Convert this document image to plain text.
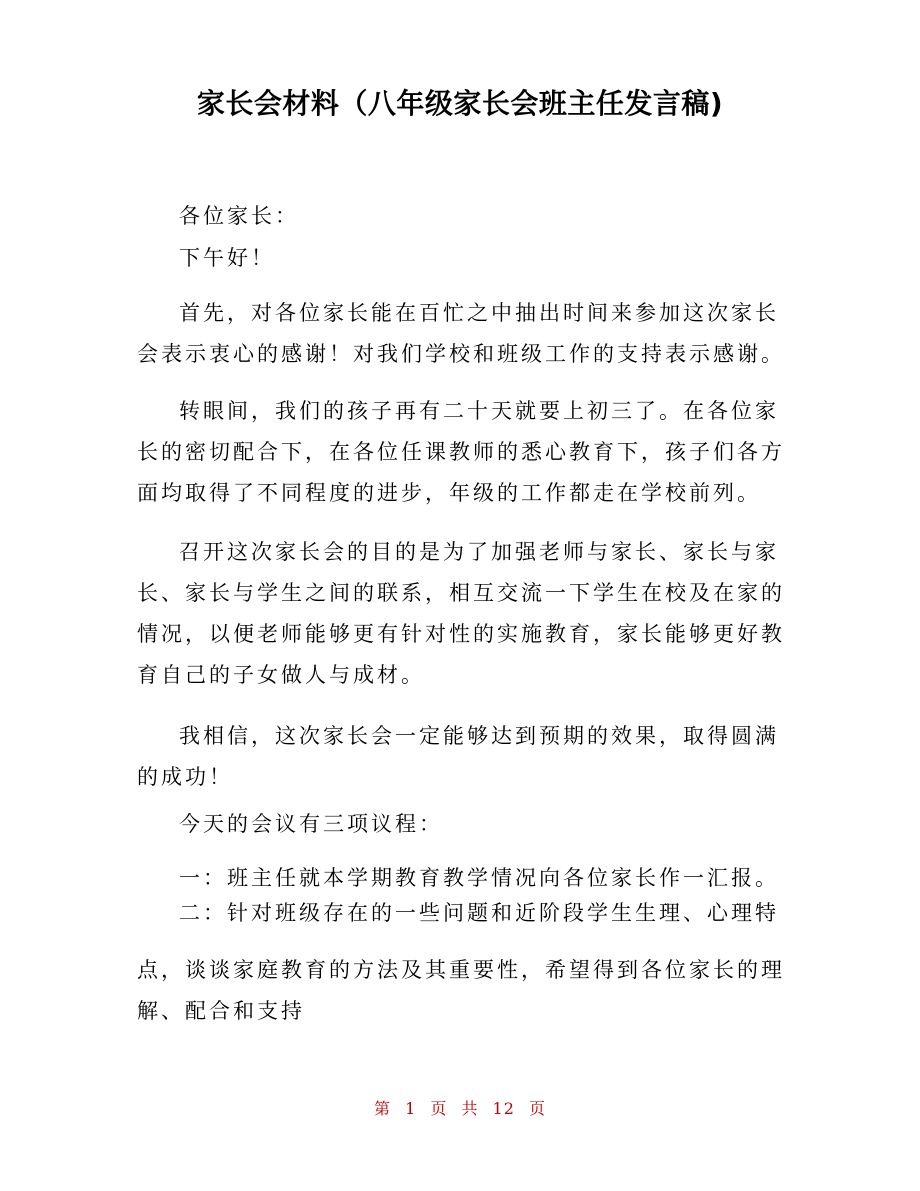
家长会材料（八年级家长会班主任发言稿)

各位家长：

下午好！

首先，对各位家长能在百忙之中抽出时间来参加这次家长会表示衷心的感谢！对我们学校和班级工作的支持表示感谢。

转眼间，我们的孩子再有二十天就要上初三了。在各位家长的密切配合下，在各位任课教师的悉心教育下，孩子们各方面均取得了不同程度的进步，年级的工作都走在学校前列。

召开这次家长会的目的是为了加强老师与家长、家长与家长、家长与学生之间的联系，相互交流一下学生在校及在家的情况，以便老师能够更有针对性的实施教育，家长能够更好教育自己的子女做人与成材。

我相信，这次家长会一定能够达到预期的效果，取得圆满的成功！

今天的会议有三项议程：

一：班主任就本学期教育教学情况向各位家长作一汇报。

二：针对班级存在的一些问题和近阶段学生生理、心理特

点，谈谈家庭教育的方法及其重要性，希望得到各位家长的理解、配合和支持

第 1 页 共 12 页
